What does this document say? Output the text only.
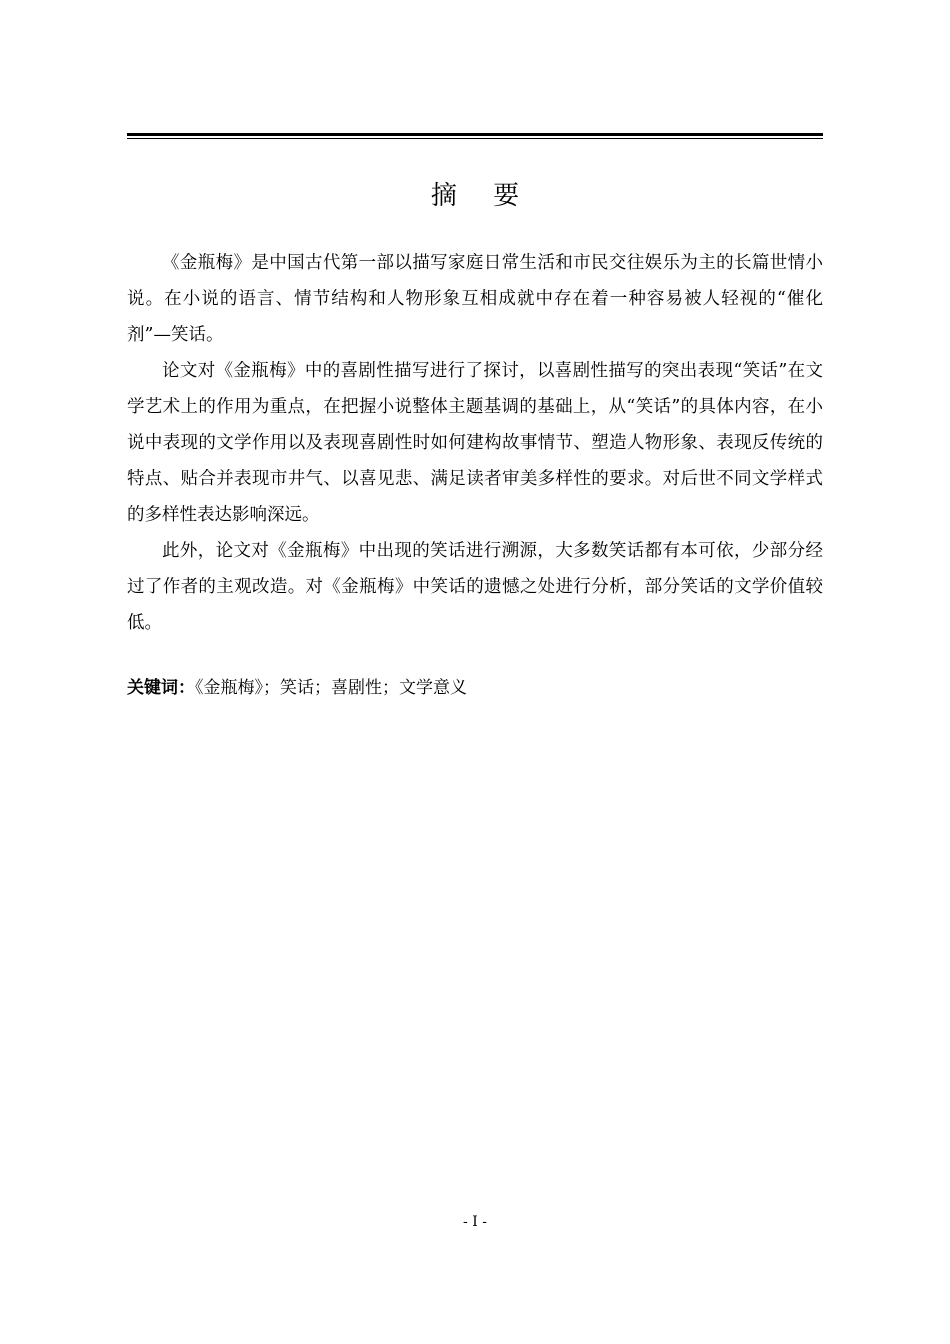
摘 要

《金瓶梅》是中国古代第一部以描写家庭日常生活和市民交往娱乐为主的长篇世情小说。在小说的语言、情节结构和人物形象互相成就中存在着一种容易被人轻视的“催化剂”—笑话。

论文对《金瓶梅》中的喜剧性描写进行了探讨，以喜剧性描写的突出表现“笑话”在文学艺术上的作用为重点，在把握小说整体主题基调的基础上，从“笑话”的具体内容，在小说中表现的文学作用以及表现喜剧性时如何建构故事情节、塑造人物形象、表现反传统的特点、贴合并表现市井气、以喜见悲、满足读者审美多样性的要求。对后世不同文学样式的多样性表达影响深远。

此外，论文对《金瓶梅》中出现的笑话进行溯源，大多数笑话都有本可依，少部分经过了作者的主观改造。对《金瓶梅》中笑话的遗憾之处进行分析，部分笑话的文学价值较低。

关键词：《金瓶梅》；笑话；喜剧性；文学意义
- I -
